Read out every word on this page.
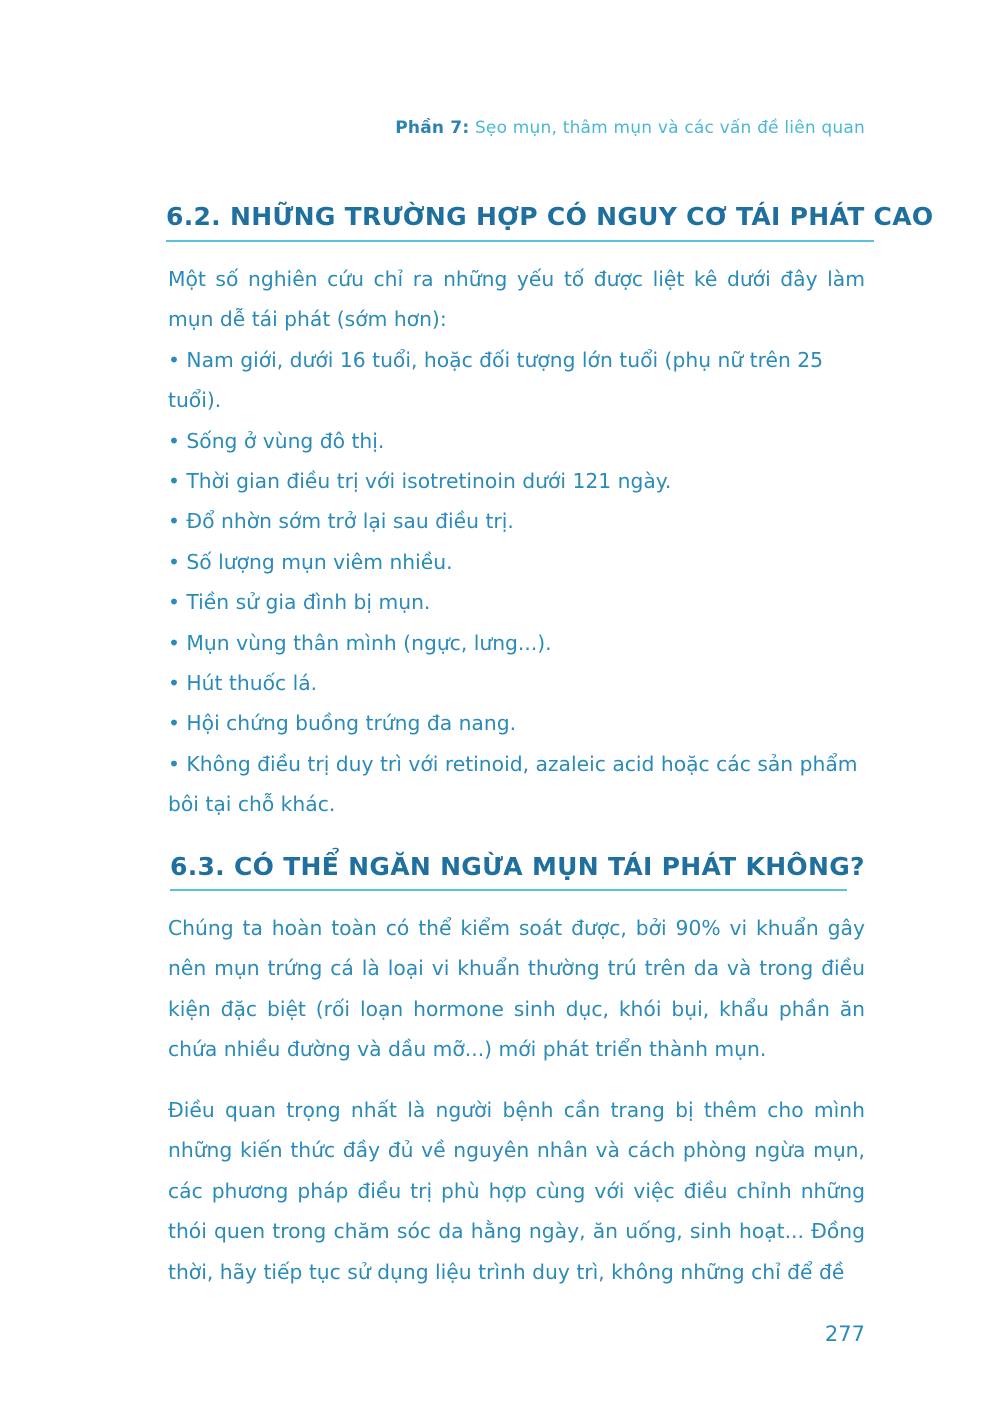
Phần 7: Sẹo mụn, thâm mụn và các vấn đề liên quan
6.2. NHỮNG TRƯỜNG HỢP CÓ NGUY CƠ TÁI PHÁT CAO

Một số nghiên cứu chỉ ra những yếu tố được liệt kê dưới đây làm mụn dễ tái phát (sớm hơn):

• Nam giới, dưới 16 tuổi, hoặc đối tượng lớn tuổi (phụ nữ trên 25 tuổi).

• Sống ở vùng đô thị.

• Thời gian điều trị với isotretinoin dưới 121 ngày.

• Đổ nhờn sớm trở lại sau điều trị.

• Số lượng mụn viêm nhiều.

• Tiền sử gia đình bị mụn.

• Mụn vùng thân mình (ngực, lưng...).

• Hút thuốc lá.

• Hội chứng buồng trứng đa nang.

• Không điều trị duy trì với retinoid, azaleic acid hoặc các sản phẩm bôi tại chỗ khác.

6.3. CÓ THỂ NGĂN NGỪA MỤN TÁI PHÁT KHÔNG?
Chúng ta hoàn toàn có thể kiểm soát được, bởi 90% vi khuẩn gây nên mụn trứng cá là loại vi khuẩn thường trú trên da và trong điều kiện đặc biệt (rối loạn hormone sinh dục, khói bụi, khẩu phần ăn chứa nhiều đường và dầu mỡ...) mới phát triển thành mụn.
Điều quan trọng nhất là người bệnh cần trang bị thêm cho mình những kiến thức đầy đủ về nguyên nhân và cách phòng ngừa mụn, các phương pháp điều trị phù hợp cùng với việc điều chỉnh những thói quen trong chăm sóc da hằng ngày, ăn uống, sinh hoạt... Đồng thời, hãy tiếp tục sử dụng liệu trình duy trì, không những chỉ để đề
277
